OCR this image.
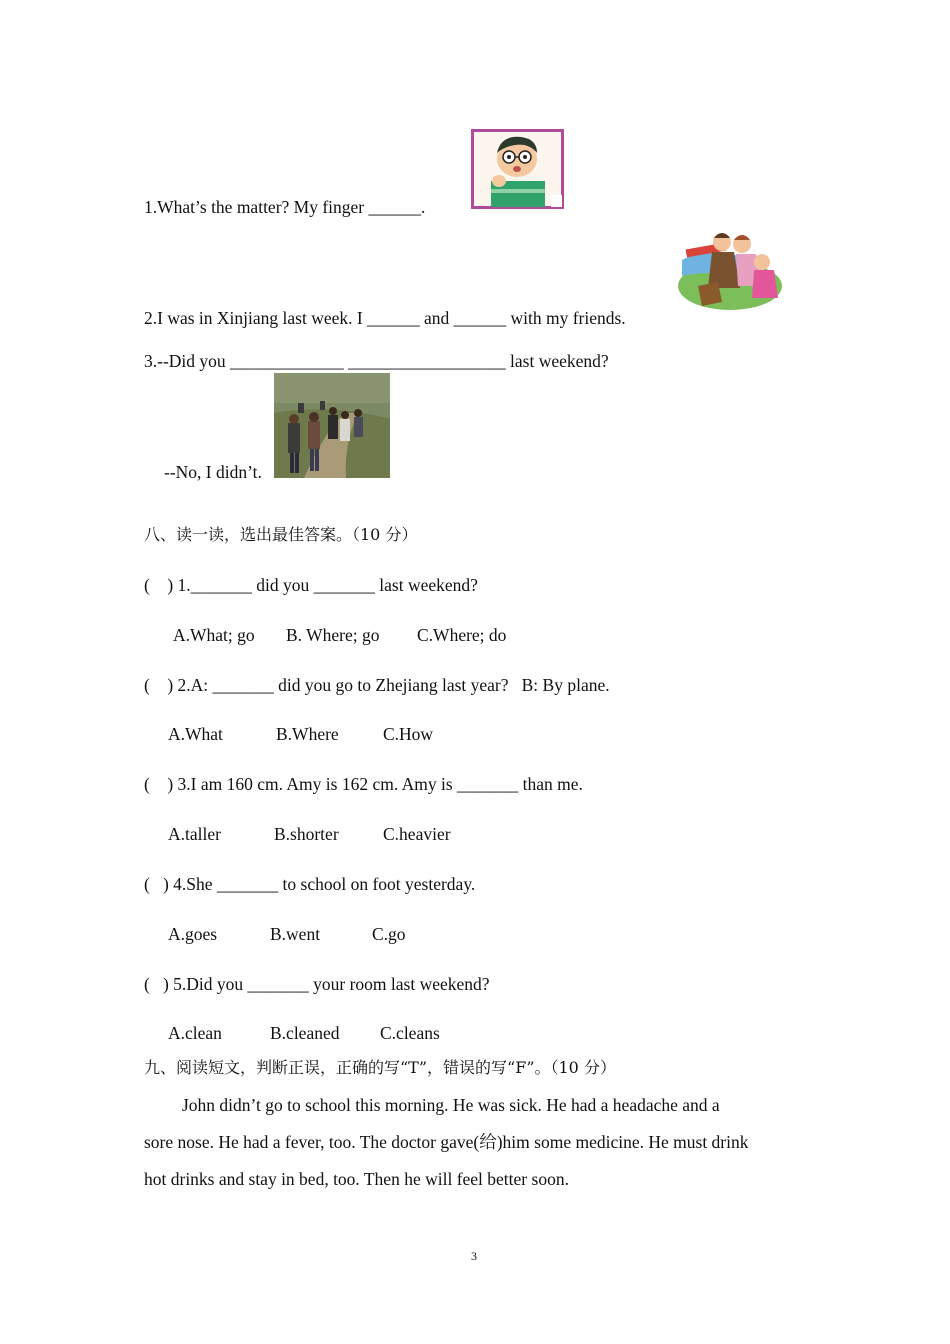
1.What’s the matter? My finger ______.
2.I was in Xinjiang last week. I ______ and ______ with my friends.
3.--Did you _____________ __________________ last weekend?
--No, I didn’t.
八、读一读，选出最佳答案。（10 分）
(    ) 1._______ did you _______ last weekend?
A.What; go B. Where; go C.Where; do
(    ) 2.A: _______ did you go to Zhejiang last year?   B: By plane.
A.What	B.Where	C.How
(    ) 3.I am 160 cm. Amy is 162 cm. Amy is _______ than me.
A.taller	B.shorter	C.heavier
(   ) 4.She _______ to school on foot yesterday.
A.goes	B.went	C.go
(   ) 5.Did you _______ your room last weekend?
A.clean	B.cleaned C.cleans
九、阅读短文，判断正误，正确的写“T”，错误的写“F”。（10 分）
John didn’t go to school this morning. He was sick. He had a headache and a
sore nose. He had a fever, too. The doctor gave(给)him some medicine. He must drink
hot drinks and stay in bed, too. Then he will feel better soon.
3
